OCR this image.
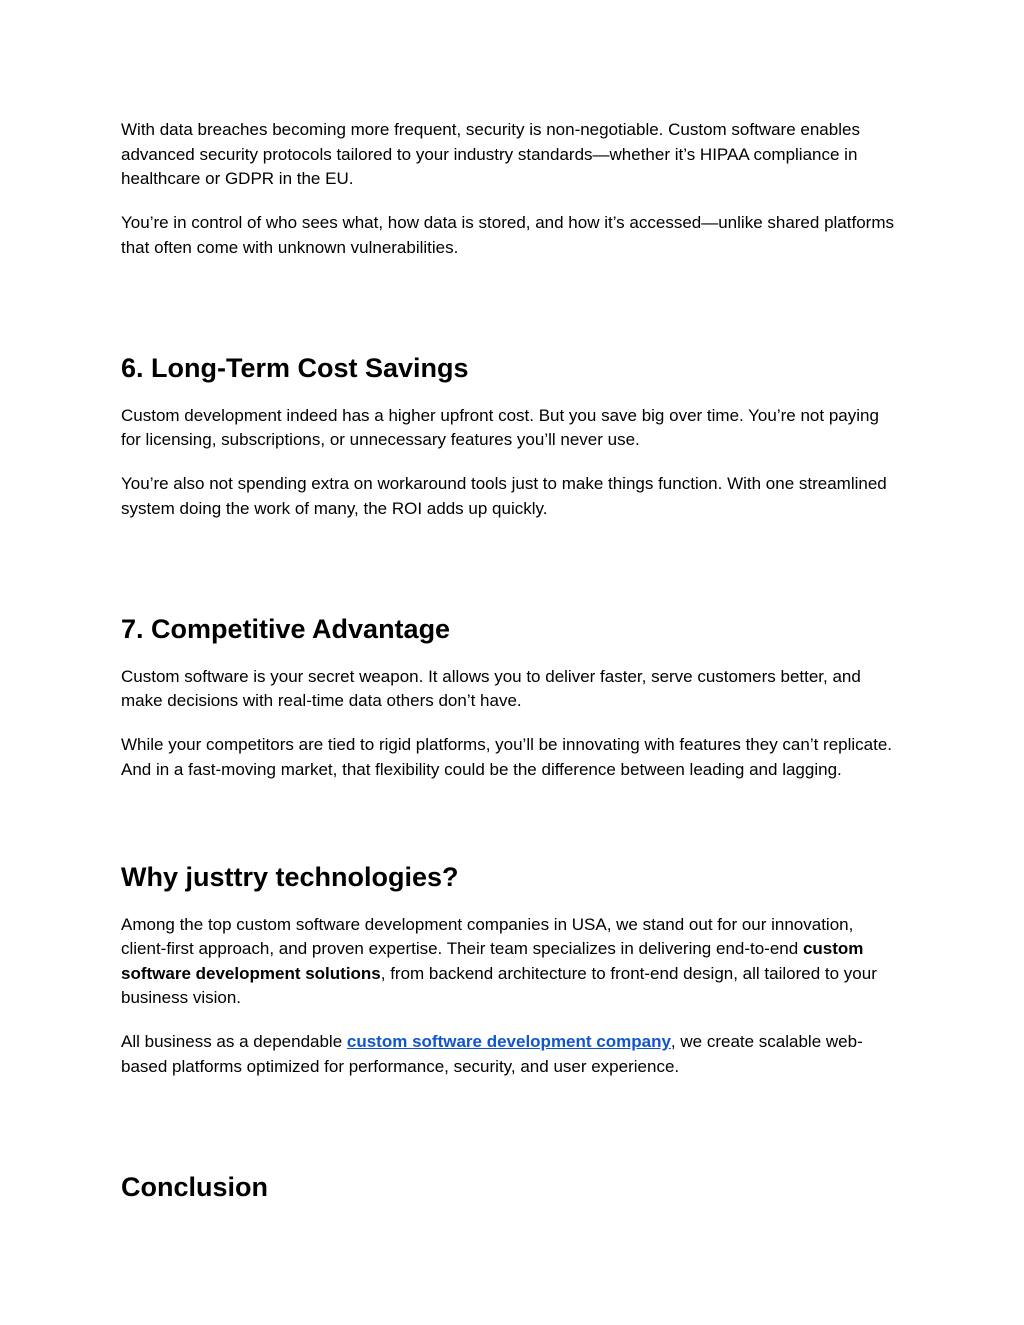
With data breaches becoming more frequent, security is non-negotiable. Custom software enables advanced security protocols tailored to your industry standards—whether it’s HIPAA compliance in healthcare or GDPR in the EU.

You’re in control of who sees what, how data is stored, and how it’s accessed—unlike shared platforms that often come with unknown vulnerabilities.

6. Long-Term Cost Savings

Custom development indeed has a higher upfront cost. But you save big over time. You’re not paying for licensing, subscriptions, or unnecessary features you’ll never use.

You’re also not spending extra on workaround tools just to make things function. With one streamlined system doing the work of many, the ROI adds up quickly.

7. Competitive Advantage

Custom software is your secret weapon. It allows you to deliver faster, serve customers better, and make decisions with real-time data others don’t have.

While your competitors are tied to rigid platforms, you’ll be innovating with features they can’t replicate. And in a fast-moving market, that flexibility could be the difference between leading and lagging.

Why justtry technologies?

Among the top custom software development companies in USA, we stand out for our innovation, client-first approach, and proven expertise. Their team specializes in delivering end-to-end custom software development solutions, from backend architecture to front-end design, all tailored to your business vision.

All business as a dependable custom software development company, we create scalable web-based platforms optimized for performance, security, and user experience.

Conclusion
